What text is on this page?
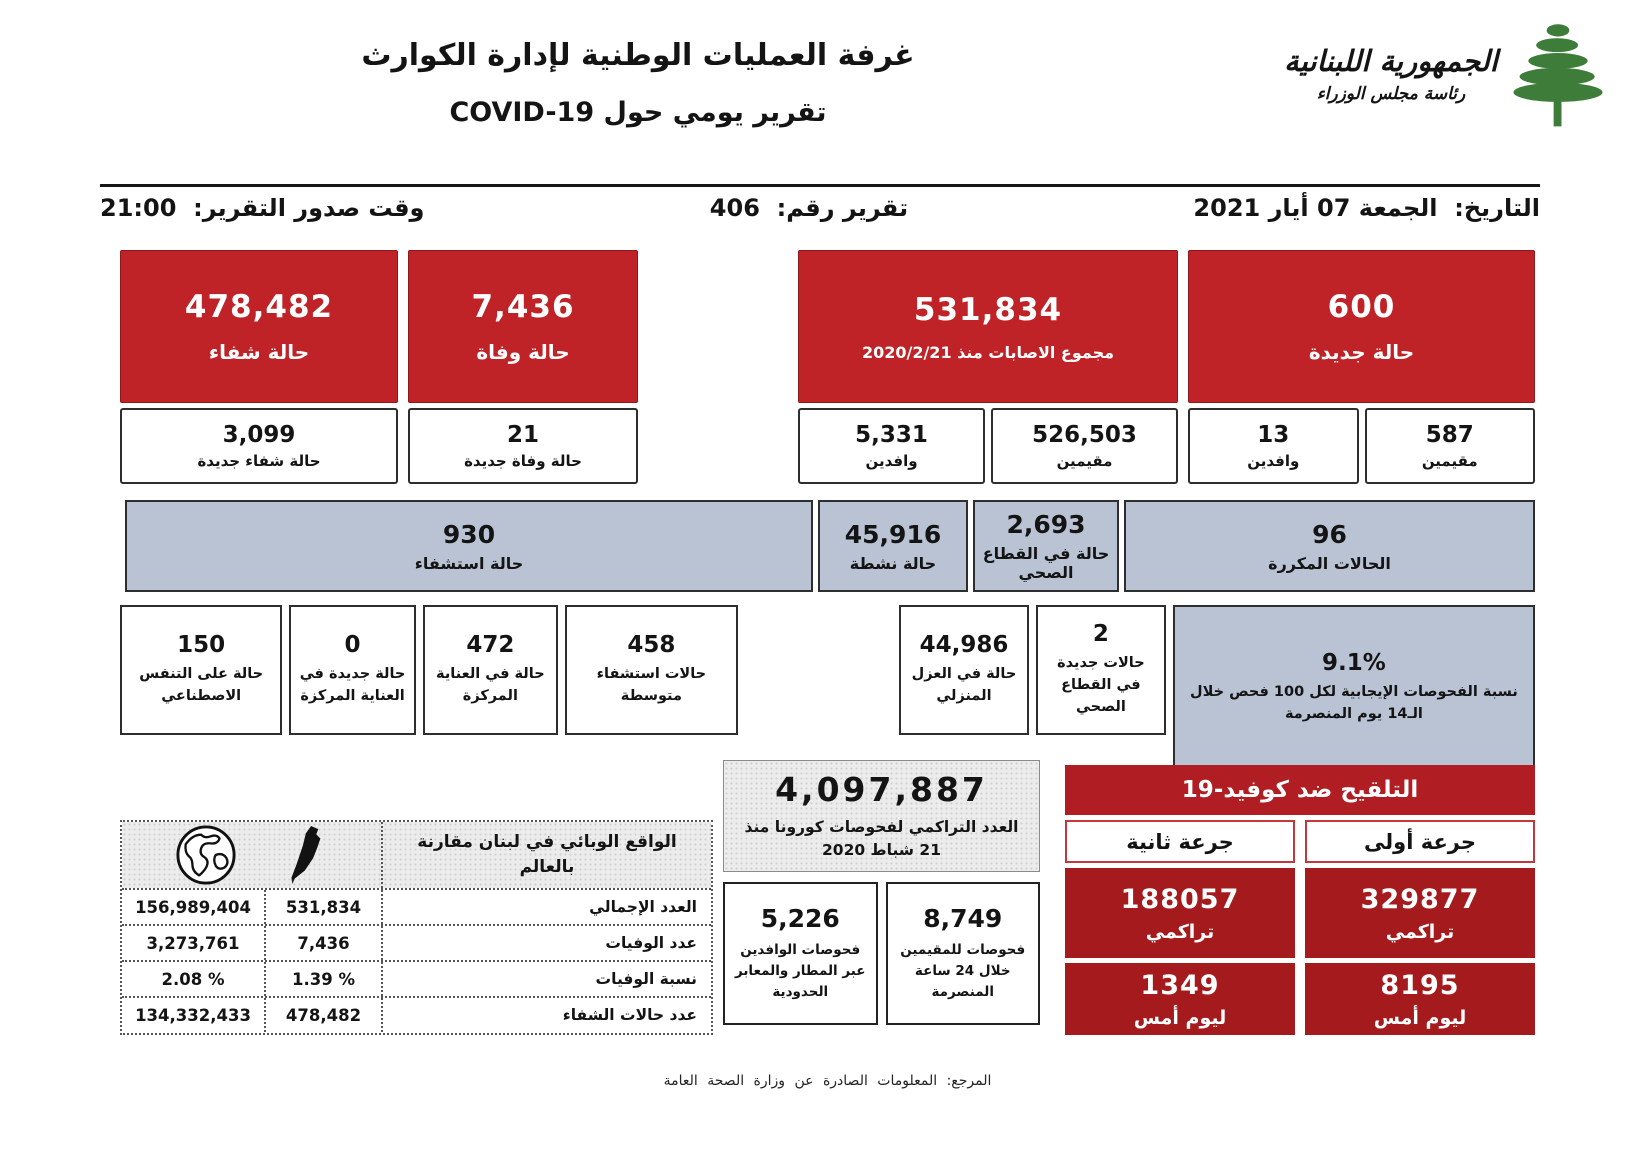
غرفة العمليات الوطنية لإدارة الكوارث
تقرير يومي حول COVID-19
الجمهورية اللبنانية
رئاسة مجلس الوزراء
التاريخ:  الجمعة 07 أيار 2021
تقرير رقم:  406
وقت صدور التقرير:  21:00
600
حالة جديدة
587
مقيمين
13
وافدين
531,834
مجموع الاصابات منذ 2020/2/21
526,503
مقيمين
5,331
وافدين
7,436
حالة وفاة
21
حالة وفاة جديدة
478,482
حالة شفاء
3,099
حالة شفاء جديدة
96
الحالات المكررة
2,693
حالة في القطاع الصحي
45,916
حالة نشطة
930
حالة استشفاء
9.1%
نسبة الفحوصات الإيجابية لكل 100 فحص خلال الـ14 يوم المنصرمة
2
حالات جديدة في القطاع الصحي
44,986
حالة في العزل المنزلي
458
حالات استشفاء متوسطة
472
حالة في العناية المركزة
0
حالة جديدة في العناية المركزة
150
حالة على التنفس الاصطناعي
الواقع الوبائي في لبنان مقارنة بالعالم
العدد الإجمالي
531,834
156,989,404
عدد الوفيات
7,436
3,273,761
نسبة الوفيات
1.39 %
2.08 %
عدد حالات الشفاء
478,482
134,332,433
4,097,887
العدد التراكمي لفحوصات كورونا منذ 21 شباط 2020
8,749
فحوصات للمقيمين خلال 24 ساعة المنصرمة
5,226
فحوصات الوافدين عبر المطار والمعابر الحدودية
التلقيح ضد كوفيد-19
جرعة أولى
جرعة ثانية
329877
تراكمي
188057
تراكمي
8195
ليوم أمس
1349
ليوم أمس
المرجع: المعلومات الصادرة عن وزارة الصحة العامة
